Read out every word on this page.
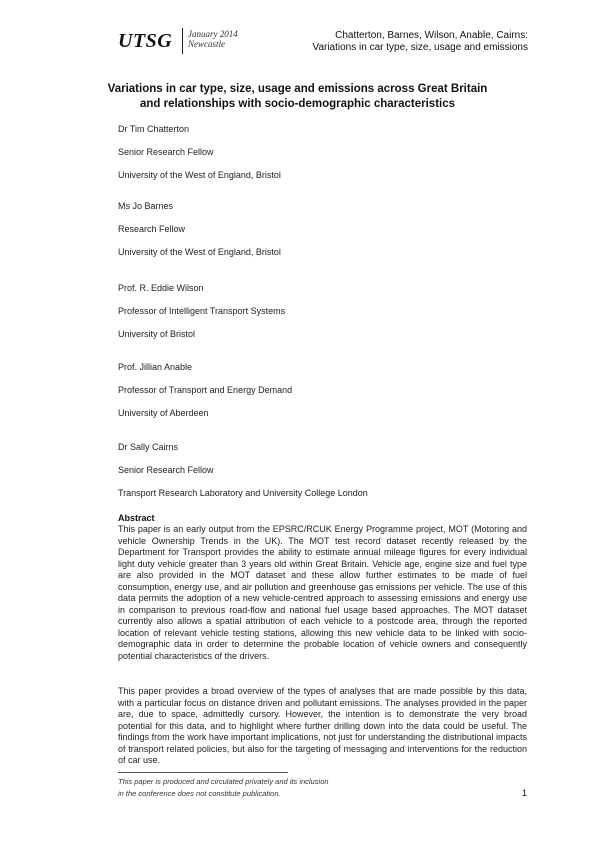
UTSG January 2014
Newcastle
Chatterton, Barnes, Wilson, Anable, Cairns:
Variations in car type, size, usage and emissions
Variations in car type, size, usage and emissions across Great Britain
and relationships with socio-demographic characteristics
Dr Tim Chatterton
Senior Research Fellow
University of the West of England, Bristol
Ms Jo Barnes
Research Fellow
University of the West of England, Bristol
Prof. R. Eddie Wilson
Professor of Intelligent Transport Systems
University of Bristol
Prof. Jillian Anable
Professor of Transport and Energy Demand
University of Aberdeen
Dr Sally Cairns
Senior Research Fellow
Transport Research Laboratory and University College London
Abstract

This paper is an early output from the EPSRC/RCUK Energy Programme project, MOT (Motoring and vehicle Ownership Trends in the UK). The MOT test record dataset recently released by the Department for Transport provides the ability to estimate annual mileage figures for every individual light duty vehicle greater than 3 years old within Great Britain. Vehicle age, engine size and fuel type are also provided in the MOT dataset and these allow further estimates to be made of fuel consumption, energy use, and air pollution and greenhouse gas emissions per vehicle. The use of this data permits the adoption of a new vehicle-centred approach to assessing emissions and energy use in comparison to previous road-flow and national fuel usage based approaches. The MOT dataset currently also allows a spatial attribution of each vehicle to a postcode area, through the reported location of relevant vehicle testing stations, allowing this new vehicle data to be linked with socio-demographic data in order to determine the probable location of vehicle owners and consequently potential characteristics of the drivers.

This paper provides a broad overview of the types of analyses that are made possible by this data, with a particular focus on distance driven and pollutant emissions. The analyses provided in the paper are, due to space, admittedly cursory. However, the intention is to demonstrate the very broad potential for this data, and to highlight where further drilling down into the data could be useful. The findings from the work have important implications, not just for understanding the distributional impacts of transport related policies, but also for the targeting of messaging and interventions for the reduction of car use.

This paper is produced and circulated privately and its inclusion
in the conference does not constitute publication.	1
